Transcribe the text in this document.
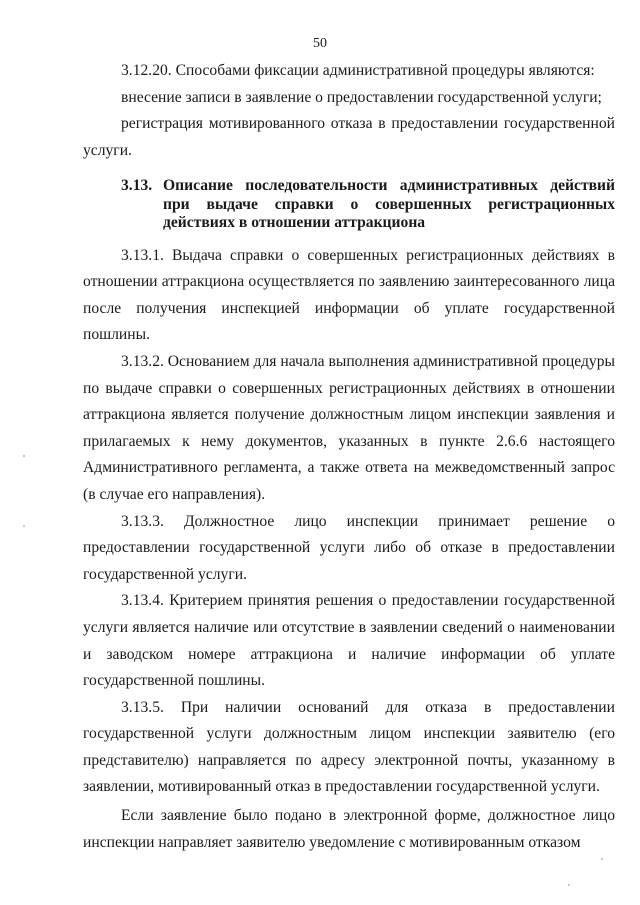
50

3.12.20. Способами фиксации административной процедуры являются:

внесение записи в заявление о предоставлении государственной услуги;

регистрация мотивированного отказа в предоставлении государственной услуги.

3.13. Описание последовательности административных действий при выдаче справки о совершенных регистрационных действиях в отношении аттракциона

3.13.1. Выдача справки о совершенных регистрационных действиях в отношении аттракциона осуществляется по заявлению заинтересованного лица после получения инспекцией информации об уплате государственной пошлины.

3.13.2. Основанием для начала выполнения административной процедуры по выдаче справки о совершенных регистрационных действиях в отношении аттракциона является получение должностным лицом инспекции заявления и прилагаемых к нему документов, указанных в пункте 2.6.6 настоящего Административного регламента, а также ответа на межведомственный запрос (в случае его направления).

3.13.3. Должностное лицо инспекции принимает решение о предоставлении государственной услуги либо об отказе в предоставлении государственной услуги.

3.13.4. Критерием принятия решения о предоставлении государственной услуги является наличие или отсутствие в заявлении сведений о наименовании и заводском номере аттракциона и наличие информации об уплате государственной пошлины.

3.13.5. При наличии оснований для отказа в предоставлении государственной услуги должностным лицом инспекции заявителю (его представителю) направляется по адресу электронной почты, указанному в заявлении, мотивированный отказ в предоставлении государственной услуги.

Если заявление было подано в электронной форме, должностное лицо инспекции направляет заявителю уведомление с мотивированным отказом
